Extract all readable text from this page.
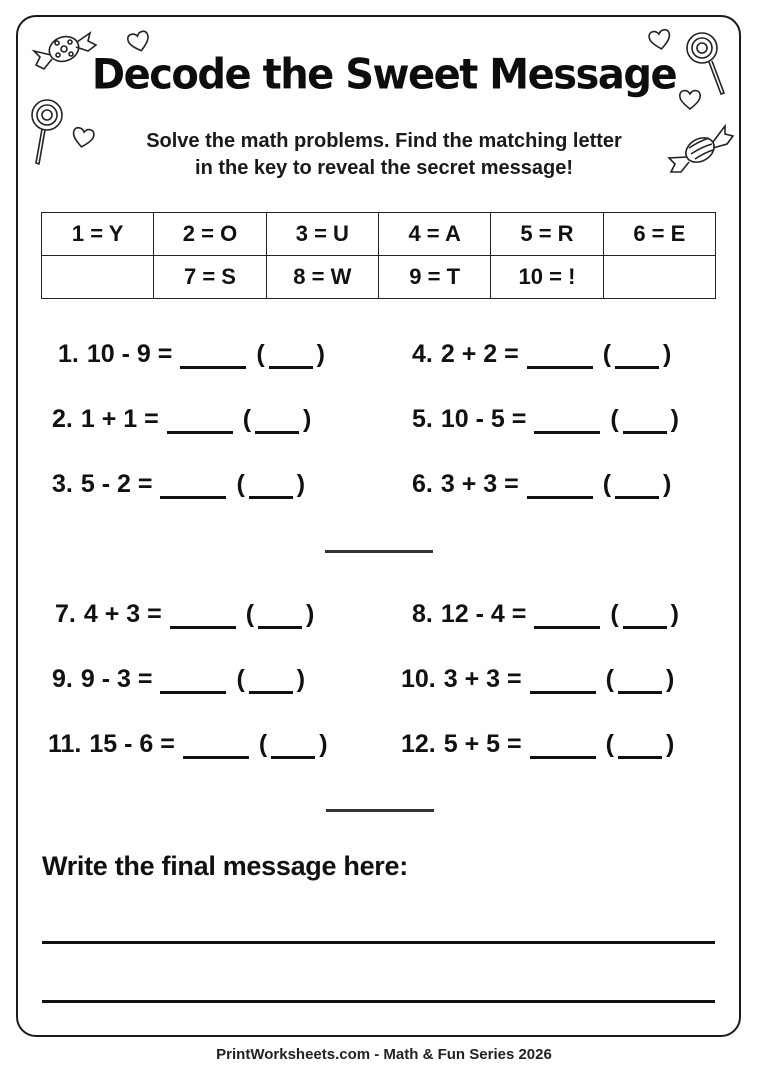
Decode the Sweet Message
Solve the math problems. Find the matching letter
in the key to reveal the secret message!
1 = Y	2 = O	3 = U	4 = A	5 = R	6 = E
	7 = S	8 = W	9 = T	10 = !	
1. 10 - 9 =	( )
2. 1 + 1 =	( )
3. 5 - 2 =	( )
4. 2 + 2 =	( )
5. 10 - 5 =	( )
6. 3 + 3 =	( )
7. 4 + 3 =	( )
9. 9 - 3 =	( )
11. 15 - 6 =	( )
8. 12 - 4 =	( )
10. 3 + 3 =	( )
12. 5 + 5 =	( )
Write the final message here:
PrintWorksheets.com - Math & Fun Series 2026
